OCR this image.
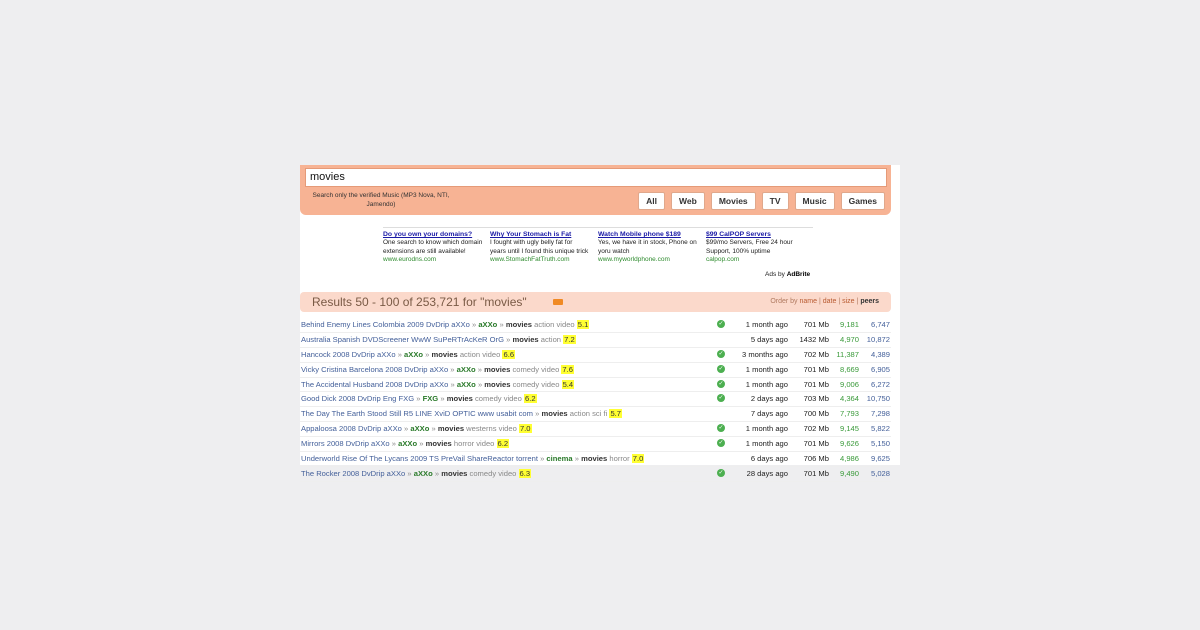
movies
Search only the verified Music (MP3 Nova, NTI, Jamendo)	All	Web	Movies	TV	Music	Games
Do you own your domains?
One search to know which domain extensions are still available!
www.eurodns.com
Why Your Stomach is Fat
I fought with ugly belly fat for years until I found this unique trick
www.StomachFatTruth.com
Watch Mobile phone $189
Yes, we have it in stock, Phone on yoru watch
www.myworldphone.com
$99 CalPOP Servers
$99/mo Servers, Free 24 hour Support, 100% uptime
calpop.com
Ads by AdBrite
Results 50 - 100 of 253,721 for "movies"	Order by name | date | size | peers
Behind Enemy Lines Colombia 2009 DvDrip aXXo » aXXo » movies action video 5.1	✓	1 month ago 701 Mb 9,181 6,747
Australia Spanish DVDScreener WwW SuPeRTrAcKeR OrG » movies action 7.2	5 days ago 1432 Mb 4,970 10,872
Hancock 2008 DvDrip aXXo » aXXo » movies action video 6.6	✓ 3 months ago 702 Mb 11,387 4,389
Vicky Cristina Barcelona 2008 DvDrip aXXo » aXXo » movies comedy video 7.6	✓	1 month ago 701 Mb 8,669 6,905
The Accidental Husband 2008 DvDrip aXXo » aXXo » movies comedy video 5.4	✓	1 month ago 701 Mb 9,006 6,272
Good Dick 2008 DvDrip Eng FXG » FXG » movies comedy video 6.2	✓	2 days ago 703 Mb 4,364 10,750
The Day The Earth Stood Still R5 LINE XviD OPTIC www usabit com » movies action sci fi 5.7	7 days ago 700 Mb 7,793 7,298
Appaloosa 2008 DvDrip aXXo » aXXo » movies westerns video 7.0	✓	1 month ago 702 Mb 9,145 5,822
Mirrors 2008 DvDrip aXXo » aXXo » movies horror video 6.2	✓	1 month ago 701 Mb 9,626 5,150
Underworld Rise Of The Lycans 2009 TS PreVail ShareReactor torrent » cinema » movies horror 7.0	6 days ago 706 Mb 4,986 9,625
The Rocker 2008 DvDrip aXXo » aXXo » movies comedy video 6.3	✓	28 days ago 701 Mb 9,490 5,028
